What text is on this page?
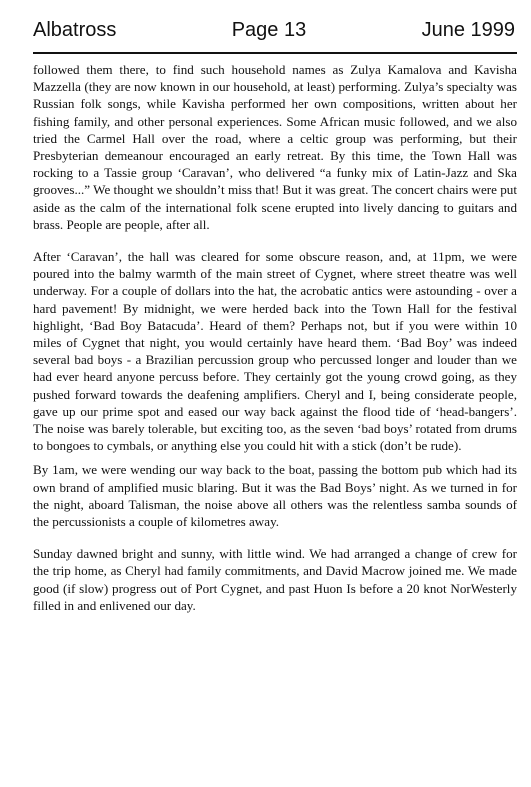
Albatross	Page 13	June 1999

followed them there, to find such household names as Zulya Kamalova and Kavisha Mazzella (they are now known in our household, at least) performing. Zulya’s specialty was Russian folk songs, while Kavisha performed her own compositions, written about her fishing family, and other personal experiences. Some African music followed, and we also tried the Carmel Hall over the road, where a celtic group was performing, but their Presbyterian demeanour encouraged an early retreat. By this time, the Town Hall was rocking to a Tassie group ‘Caravan’, who delivered “a funky mix of Latin-Jazz and Ska grooves...” We thought we shouldn’t miss that! But it was great. The concert chairs were put aside as the calm of the international folk scene erupted into lively dancing to guitars and brass. People are people, after all.

After ‘Caravan’, the hall was cleared for some obscure reason, and, at 11pm, we were poured into the balmy warmth of the main street of Cygnet, where street theatre was well underway. For a couple of dollars into the hat, the acrobatic antics were astounding - over a hard pavement! By midnight, we were herded back into the Town Hall for the festival highlight, ‘Bad Boy Batacuda’. Heard of them? Perhaps not, but if you were within 10 miles of Cygnet that night, you would certainly have heard them. ‘Bad Boy’ was indeed several bad boys - a Brazilian percussion group who percussed longer and louder than we had ever heard anyone percuss before. They certainly got the young crowd going, as they pushed forward towards the deafening amplifiers. Cheryl and I, being considerate people, gave up our prime spot and eased our way back against the flood tide of ‘head-bangers’. The noise was barely tolerable, but exciting too, as the seven ‘bad boys’ rotated from drums to bongoes to cymbals, or anything else you could hit with a stick (don’t be rude).

By 1am, we were wending our way back to the boat, passing the bottom pub which had its own brand of amplified music blaring. But it was the Bad Boys’ night. As we turned in for the night, aboard Talisman, the noise above all others was the relentless samba sounds of the percussionists a couple of kilometres away.

Sunday dawned bright and sunny, with little wind. We had arranged a change of crew for the trip home, as Cheryl had family commitments, and David Macrow joined me. We made good (if slow) progress out of Port Cygnet, and past Huon Is before a 20 knot NorWesterly filled in and enlivened our day.
